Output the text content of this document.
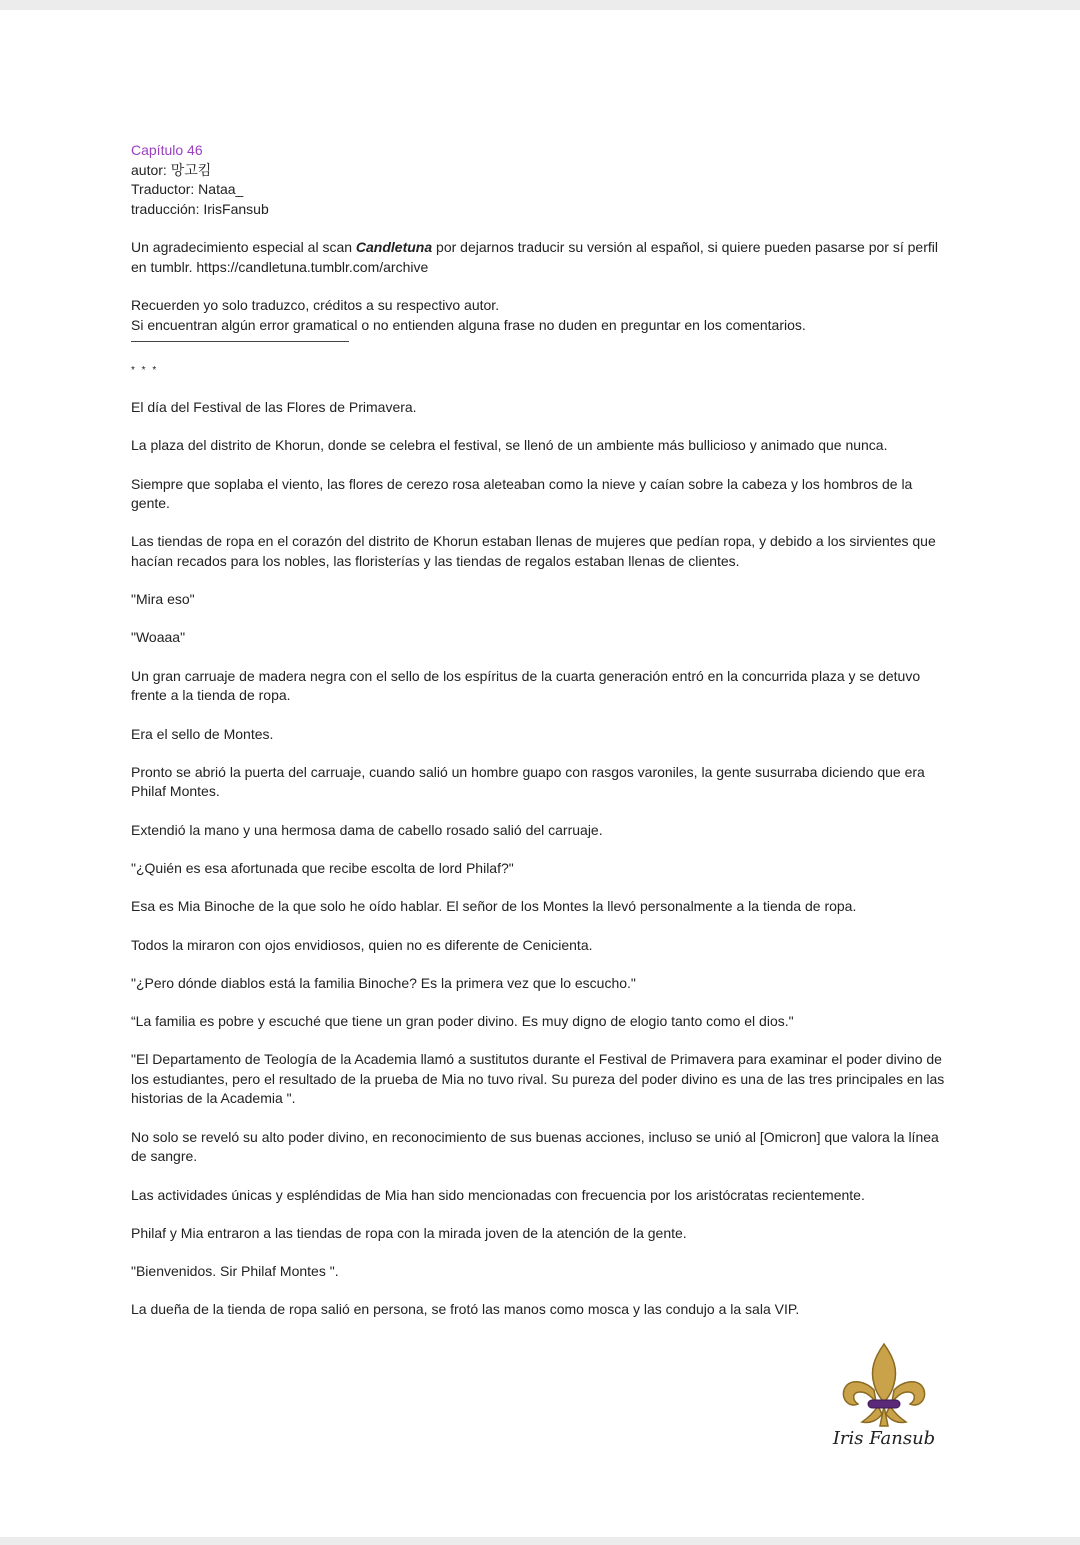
Capítulo 46

autor: 망고킴

Traductor: Nataa_

traducción: IrisFansub

Un agradecimiento especial al scan Candletuna por dejarnos traducir su versión al español, si quiere pueden pasarse por sí perfil en tumblr. https://candletuna.tumblr.com/archive

Recuerden yo solo traduzco, créditos a su respectivo autor.
Si encuentran algún error gramatical o no entienden alguna frase no duden en preguntar en los comentarios.

* * *

El día del Festival de las Flores de Primavera.

La plaza del distrito de Khorun, donde se celebra el festival, se llenó de un ambiente más bullicioso y animado que nunca.

Siempre que soplaba el viento, las flores de cerezo rosa aleteaban como la nieve y caían sobre la cabeza y los hombros de la gente.

Las tiendas de ropa en el corazón del distrito de Khorun estaban llenas de mujeres que pedían ropa, y debido a los sirvientes que hacían recados para los nobles, las floristerías y las tiendas de regalos estaban llenas de clientes.

"Mira eso"

"Woaaa"

Un gran carruaje de madera negra con el sello de los espíritus de la cuarta generación entró en la concurrida plaza y se detuvo frente a la tienda de ropa.

Era el sello de Montes.

Pronto se abrió la puerta del carruaje, cuando salió un hombre guapo con rasgos varoniles, la gente susurraba diciendo que era Philaf Montes.

Extendió la mano y una hermosa dama de cabello rosado salió del carruaje.

"¿Quién es esa afortunada que recibe escolta de lord Philaf?"

Esa es Mia Binoche de la que solo he oído hablar. El señor de los Montes la llevó personalmente a la tienda de ropa.

Todos la miraron con ojos envidiosos, quien no es diferente de Cenicienta.

"¿Pero dónde diablos está la familia Binoche? Es la primera vez que lo escucho."

“La familia es pobre y escuché que tiene un gran poder divino. Es muy digno de elogio tanto como el dios."

"El Departamento de Teología de la Academia llamó a sustitutos durante el Festival de Primavera para examinar el poder divino de los estudiantes, pero el resultado de la prueba de Mia no tuvo rival. Su pureza del poder divino es una de las tres principales en las historias de la Academia ".

No solo se reveló su alto poder divino, en reconocimiento de sus buenas acciones, incluso se unió al [Omicron] que valora la línea de sangre.

Las actividades únicas y espléndidas de Mia han sido mencionadas con frecuencia por los aristócratas recientemente.

Philaf y Mia entraron a las tiendas de ropa con la mirada joven de la atención de la gente.

"Bienvenidos. Sir Philaf Montes ".

La dueña de la tienda de ropa salió en persona, se frotó las manos como mosca y las condujo a la sala VIP.

Iris Fansub
